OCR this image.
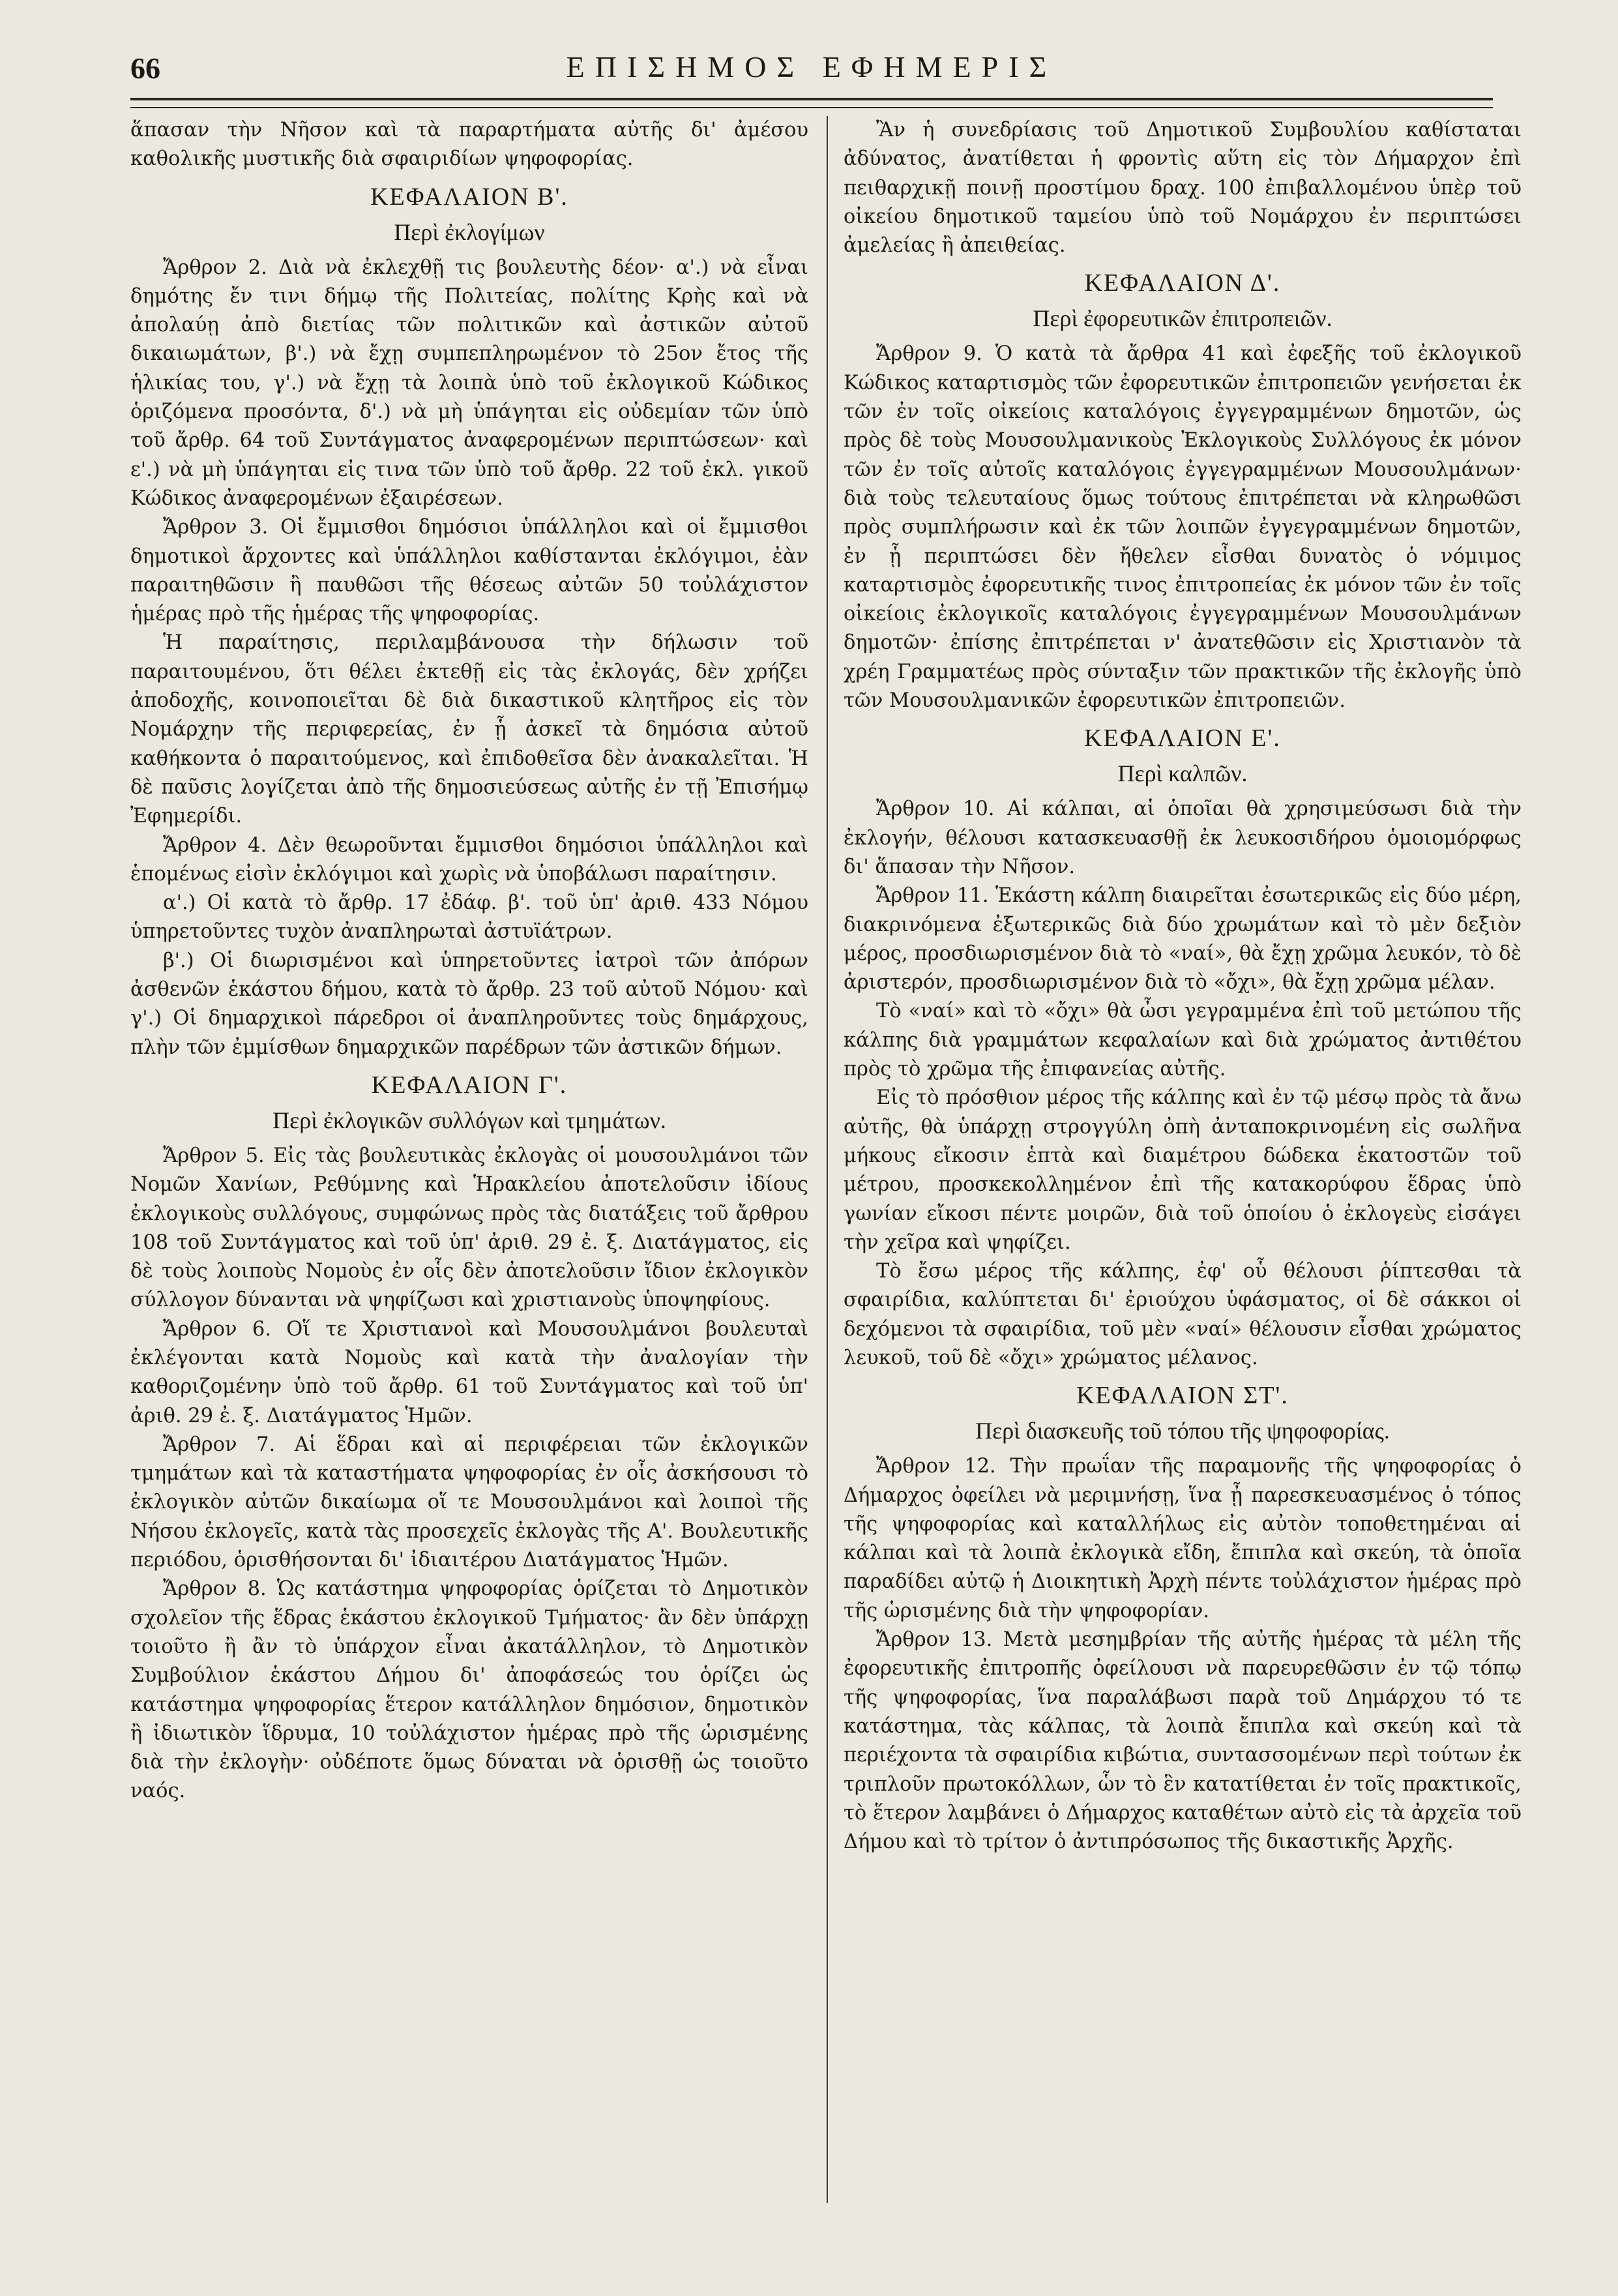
66	ΕΠΙΣΗΜΟΣ ΕΦΗΜΕΡΙΣ

ἅπασαν τὴν Νῆσον καὶ τὰ παραρτήματα αὐτῆς δι' ἀμέσου καθολικῆς μυστικῆς διὰ σφαιριδίων ψηφοφορίας.

ΚΕΦΑΛΑΙΟΝ Β'.
Περὶ ἐκλογίμων

Ἄρθρον 2. Διὰ νὰ ἐκλεχθῇ τις βουλευτὴς δέον· α'.) νὰ εἶναι δημότης ἔν τινι δήμῳ τῆς Πολιτείας, πολίτης Κρὴς καὶ νὰ ἀπολαύῃ ἀπὸ διετίας τῶν πολιτικῶν καὶ ἀστικῶν αὐτοῦ δικαιωμάτων, β'.) νὰ ἔχῃ συμπεπληρωμένον τὸ 25ον ἔτος τῆς ἡλικίας του, γ'.) νὰ ἔχῃ τὰ λοιπὰ ὑπὸ τοῦ ἐκλογικοῦ Κώδικος ὁριζόμενα προσόντα, δ'.) νὰ μὴ ὑπάγηται εἰς οὐδεμίαν τῶν ὑπὸ τοῦ ἄρθρ. 64 τοῦ Συντάγματος ἀναφερομένων περιπτώσεων· καὶ ε'.) νὰ μὴ ὑπάγηται εἰς τινα τῶν ὑπὸ τοῦ ἄρθρ. 22 τοῦ ἐκλ. γικοῦ Κώδικος ἀναφερομένων ἐξαιρέσεων.

Ἄρθρον 3. Οἱ ἔμμισθοι δημόσιοι ὑπάλληλοι καὶ οἱ ἔμμισθοι δημοτικοὶ ἄρχοντες καὶ ὑπάλληλοι καθίστανται ἐκλόγιμοι, ἐὰν παραιτηθῶσιν ἢ παυθῶσι τῆς θέσεως αὐτῶν 50 τοὐλάχιστον ἡμέρας πρὸ τῆς ἡμέρας τῆς ψηφοφορίας.

Ἡ παραίτησις, περιλαμβάνουσα τὴν δήλωσιν τοῦ παραιτουμένου, ὅτι θέλει ἐκτεθῇ εἰς τὰς ἐκλογάς, δὲν χρήζει ἀποδοχῆς, κοινοποιεῖται δὲ διὰ δικαστικοῦ κλητῆρος εἰς τὸν Νομάρχην τῆς περιφερείας, ἐν ᾗ ἀσκεῖ τὰ δημόσια αὐτοῦ καθήκοντα ὁ παραιτούμενος, καὶ ἐπιδοθεῖσα δὲν ἀνακαλεῖται. Ἡ δὲ παῦσις λογίζεται ἀπὸ τῆς δημοσιεύσεως αὐτῆς ἐν τῇ Ἐπισήμῳ Ἐφημερίδι.

Ἄρθρον 4. Δὲν θεωροῦνται ἔμμισθοι δημόσιοι ὑπάλληλοι καὶ ἑπομένως εἰσὶν ἐκλόγιμοι καὶ χωρὶς νὰ ὑποβάλωσι παραίτησιν.

α'.) Οἱ κατὰ τὸ ἄρθρ. 17 ἐδάφ. β'. τοῦ ὑπ' ἀριθ. 433 Νόμου ὑπηρετοῦντες τυχὸν ἀναπληρωταὶ ἀστυϊάτρων.

β'.) Οἱ διωρισμένοι καὶ ὑπηρετοῦντες ἰατροὶ τῶν ἀπόρων ἀσθενῶν ἑκάστου δήμου, κατὰ τὸ ἄρθρ. 23 τοῦ αὐτοῦ Νόμου· καὶ γ'.) Οἱ δημαρχικοὶ πάρεδροι οἱ ἀναπληροῦντες τοὺς δημάρχους, πλὴν τῶν ἐμμίσθων δημαρχικῶν παρέδρων τῶν ἀστικῶν δήμων.

ΚΕΦΑΛΑΙΟΝ Γ'.
Περὶ ἐκλογικῶν συλλόγων καὶ τμημάτων.

Ἄρθρον 5. Εἰς τὰς βουλευτικὰς ἐκλογὰς οἱ μουσουλμάνοι τῶν Νομῶν Χανίων, Ρεθύμνης καὶ Ἡρακλείου ἀποτελοῦσιν ἰδίους ἐκλογικοὺς συλλόγους, συμφώνως πρὸς τὰς διατάξεις τοῦ ἄρθρου 108 τοῦ Συντάγματος καὶ τοῦ ὑπ' ἀριθ. 29 ἐ. ξ. Διατάγματος, εἰς δὲ τοὺς λοιποὺς Νομοὺς ἐν οἷς δὲν ἀποτελοῦσιν ἴδιον ἐκλογικὸν σύλλογον δύνανται νὰ ψηφίζωσι καὶ χριστιανοὺς ὑποψηφίους.

Ἄρθρον 6. Οἵ τε Χριστιανοὶ καὶ Μουσουλμάνοι βουλευταὶ ἐκλέγονται κατὰ Νομοὺς καὶ κατὰ τὴν ἀναλογίαν τὴν καθοριζομένην ὑπὸ τοῦ ἄρθρ. 61 τοῦ Συντάγματος καὶ τοῦ ὑπ' ἀριθ. 29 ἐ. ξ. Διατάγματος Ἡμῶν.

Ἄρθρον 7. Αἱ ἕδραι καὶ αἱ περιφέρειαι τῶν ἐκλογικῶν τμημάτων καὶ τὰ καταστήματα ψηφοφορίας ἐν οἷς ἀσκήσουσι τὸ ἐκλογικὸν αὐτῶν δικαίωμα οἵ τε Μουσουλμάνοι καὶ λοιποὶ τῆς Νήσου ἐκλογεῖς, κατὰ τὰς προσεχεῖς ἐκλογὰς τῆς Α'. Βουλευτικῆς περιόδου, ὁρισθήσονται δι' ἰδιαιτέρου Διατάγματος Ἡμῶν.

Ἄρθρον 8. Ὡς κατάστημα ψηφοφορίας ὁρίζεται τὸ Δημοτικὸν σχολεῖον τῆς ἕδρας ἑκάστου ἐκλογικοῦ Τμήματος· ἂν δὲν ὑπάρχῃ τοιοῦτο ἢ ἂν τὸ ὑπάρχον εἶναι ἀκατάλληλον, τὸ Δημοτικὸν Συμβούλιον ἑκάστου Δήμου δι' ἀποφάσεώς του ὁρίζει ὡς κατάστημα ψηφοφορίας ἕτερον κατάλληλον δημόσιον, δημοτικὸν ἢ ἰδιωτικὸν ἵδρυμα, 10 τοὐλάχιστον ἡμέρας πρὸ τῆς ὡρισμένης διὰ τὴν ἐκλογὴν· οὐδέποτε ὅμως δύναται νὰ ὁρισθῇ ὡς τοιοῦτο ναός.

Ἂν ἡ συνεδρίασις τοῦ Δημοτικοῦ Συμβουλίου καθίσταται ἀδύνατος, ἀνατίθεται ἡ φροντὶς αὕτη εἰς τὸν Δήμαρχον ἐπὶ πειθαρχικῇ ποινῇ προστίμου δραχ. 100 ἐπιβαλλομένου ὑπὲρ τοῦ οἰκείου δημοτικοῦ ταμείου ὑπὸ τοῦ Νομάρχου ἐν περιπτώσει ἀμελείας ἢ ἀπειθείας.

ΚΕΦΑΛΑΙΟΝ Δ'.
Περὶ ἐφορευτικῶν ἐπιτροπειῶν.

Ἄρθρον 9. Ὁ κατὰ τὰ ἄρθρα 41 καὶ ἐφεξῆς τοῦ ἐκλογικοῦ Κώδικος καταρτισμὸς τῶν ἐφορευτικῶν ἐπιτροπειῶν γενήσεται ἐκ τῶν ἐν τοῖς οἰκείοις καταλόγοις ἐγγεγραμμένων δημοτῶν, ὡς πρὸς δὲ τοὺς Μουσουλμανικοὺς Ἐκλογικοὺς Συλλόγους ἐκ μόνον τῶν ἐν τοῖς αὐτοῖς καταλόγοις ἐγγεγραμμένων Μουσουλμάνων· διὰ τοὺς τελευταίους ὅμως τούτους ἐπιτρέπεται νὰ κληρωθῶσι πρὸς συμπλήρωσιν καὶ ἐκ τῶν λοιπῶν ἐγγεγραμμένων δημοτῶν, ἐν ᾗ περιπτώσει δὲν ἤθελεν εἶσθαι δυνατὸς ὁ νόμιμος καταρτισμὸς ἐφορευτικῆς τινος ἐπιτροπείας ἐκ μόνον τῶν ἐν τοῖς οἰκείοις ἐκλογικοῖς καταλόγοις ἐγγεγραμμένων Μουσουλμάνων δημοτῶν· ἐπίσης ἐπιτρέπεται ν' ἀνατεθῶσιν εἰς Χριστιανὸν τὰ χρέη Γραμματέως πρὸς σύνταξιν τῶν πρακτικῶν τῆς ἐκλογῆς ὑπὸ τῶν Μουσουλμανικῶν ἐφορευτικῶν ἐπιτροπειῶν.

ΚΕΦΑΛΑΙΟΝ Ε'.
Περὶ καλπῶν.

Ἄρθρον 10. Αἱ κάλπαι, αἱ ὁποῖαι θὰ χρησιμεύσωσι διὰ τὴν ἐκλογήν, θέλουσι κατασκευασθῇ ἐκ λευκοσιδήρου ὁμοιομόρφως δι' ἅπασαν τὴν Νῆσον.

Ἄρθρον 11. Ἑκάστη κάλπη διαιρεῖται ἐσωτερικῶς εἰς δύο μέρη, διακρινόμενα ἐξωτερικῶς διὰ δύο χρωμάτων καὶ τὸ μὲν δεξιὸν μέρος, προσδιωρισμένον διὰ τὸ «ναί», θὰ ἔχῃ χρῶμα λευκόν, τὸ δὲ ἀριστερόν, προσδιωρισμένον διὰ τὸ «ὄχι», θὰ ἔχῃ χρῶμα μέλαν.

Τὸ «ναί» καὶ τὸ «ὄχι» θὰ ὦσι γεγραμμένα ἐπὶ τοῦ μετώπου τῆς κάλπης διὰ γραμμάτων κεφαλαίων καὶ διὰ χρώματος ἀντιθέτου πρὸς τὸ χρῶμα τῆς ἐπιφανείας αὐτῆς.

Εἰς τὸ πρόσθιον μέρος τῆς κάλπης καὶ ἐν τῷ μέσῳ πρὸς τὰ ἄνω αὐτῆς, θὰ ὑπάρχῃ στρογγύλη ὀπὴ ἀνταποκρινομένη εἰς σωλῆνα μήκους εἴκοσιν ἑπτὰ καὶ διαμέτρου δώδεκα ἑκατοστῶν τοῦ μέτρου, προσκεκολλημένον ἐπὶ τῆς κατακορύφου ἕδρας ὑπὸ γωνίαν εἴκοσι πέντε μοιρῶν, διὰ τοῦ ὁποίου ὁ ἐκλογεὺς εἰσάγει τὴν χεῖρα καὶ ψηφίζει.

Τὸ ἔσω μέρος τῆς κάλπης, ἐφ' οὗ θέλουσι ῥίπτεσθαι τὰ σφαιρίδια, καλύπτεται δι' ἐριούχου ὑφάσματος, οἱ δὲ σάκκοι οἱ δεχόμενοι τὰ σφαιρίδια, τοῦ μὲν «ναί» θέλουσιν εἶσθαι χρώματος λευκοῦ, τοῦ δὲ «ὄχι» χρώματος μέλανος.

ΚΕΦΑΛΑΙΟΝ ΣΤ'.
Περὶ διασκευῆς τοῦ τόπου τῆς ψηφοφορίας.

Ἄρθρον 12. Τὴν πρωΐαν τῆς παραμονῆς τῆς ψηφοφορίας ὁ Δήμαρχος ὀφείλει νὰ μεριμνήσῃ, ἵνα ᾖ παρεσκευασμένος ὁ τόπος τῆς ψηφοφορίας καὶ καταλλήλως εἰς αὐτὸν τοποθετημέναι αἱ κάλπαι καὶ τὰ λοιπὰ ἐκλογικὰ εἴδη, ἔπιπλα καὶ σκεύη, τὰ ὁποῖα παραδίδει αὐτῷ ἡ Διοικητικὴ Ἀρχὴ πέντε τοὐλάχιστον ἡμέρας πρὸ τῆς ὡρισμένης διὰ τὴν ψηφοφορίαν.

Ἄρθρον 13. Μετὰ μεσημβρίαν τῆς αὐτῆς ἡμέρας τὰ μέλη τῆς ἐφορευτικῆς ἐπιτροπῆς ὀφείλουσι νὰ παρευρεθῶσιν ἐν τῷ τόπῳ τῆς ψηφοφορίας, ἵνα παραλάβωσι παρὰ τοῦ Δημάρχου τό τε κατάστημα, τὰς κάλπας, τὰ λοιπὰ ἔπιπλα καὶ σκεύη καὶ τὰ περιέχοντα τὰ σφαιρίδια κιβώτια, συντασσομένων περὶ τούτων ἐκ τριπλοῦν πρωτοκόλλων, ὧν τὸ ἓν κατατίθεται ἐν τοῖς πρακτικοῖς, τὸ ἕτερον λαμβάνει ὁ Δήμαρχος καταθέτων αὐτὸ εἰς τὰ ἀρχεῖα τοῦ Δήμου καὶ τὸ τρίτον ὁ ἀντιπρόσωπος τῆς δικαστικῆς Ἀρχῆς.
